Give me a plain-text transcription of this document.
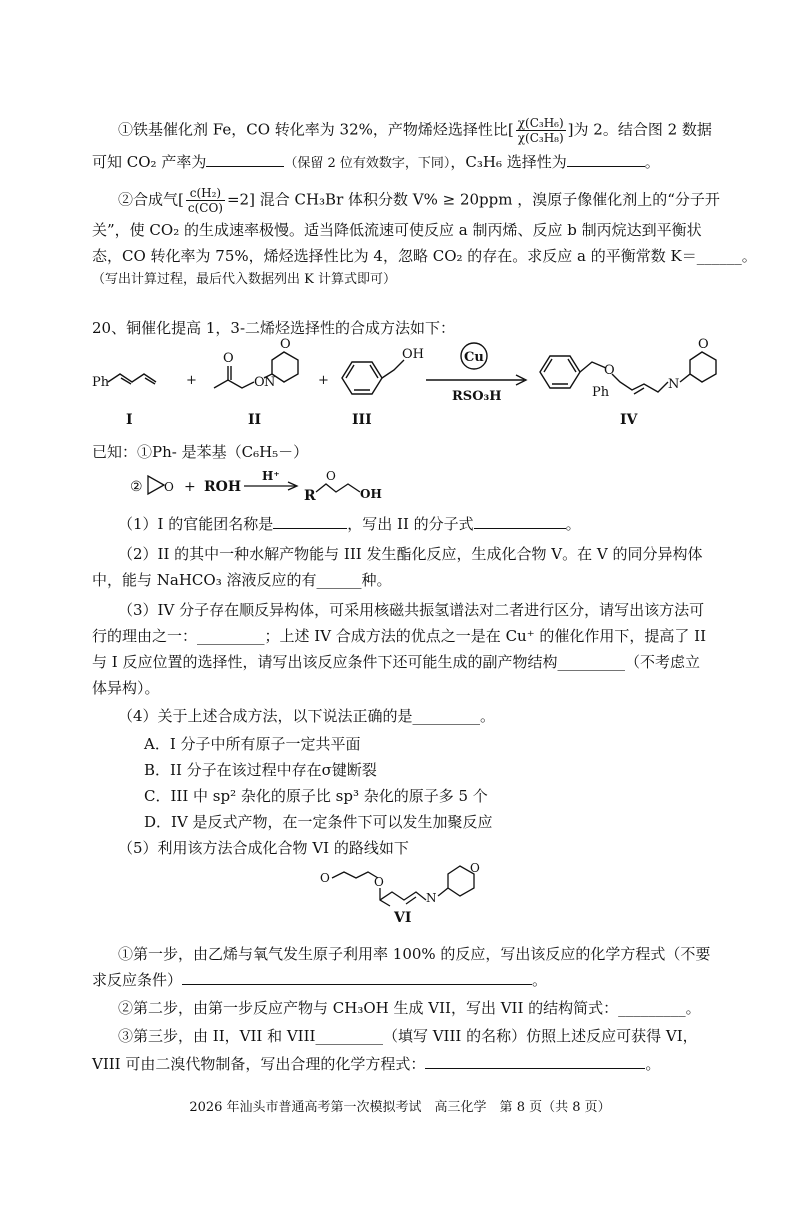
①铁基催化剂 Fe，CO 转化率为 32%，产物烯烃选择性比[ $\frac{\text{χ(C₃H₆)}}{\text{χ(C₃H₈)}}$ ]为 2。结合图 2 数据
可知 CO₂ 产率为	（保留 2 位有效数字，下同），C₃H₆ 选择性为	。
②合成气[ $\frac{\text{c(H₂)}}{c(CO)} =2$] 混合 CH₃Br 体积分数 V% ≥ 20ppm ，溴原子像催化剂上的“分子开
关”，使 CO₂ 的生成速率极慢。适当降低流速可使反应 a 制丙烯、反应 b 制丙烷达到平衡状
态，CO 转化率为 75%，烯烃选择性比为 4，忽略 CO₂ 的存在。求反应 a 的平衡常数 K＝______。
（写出计算过程，最后代入数据列出 K 计算式即可）
20、铜催化提高 1，3-二烯烃选择性的合成方法如下：
Ph	+
O
O N
O
+
OH	Cu
RSO₃H
O
Ph
N
O
I	II	III	IV
已知：①Ph- 是苯基（C₆H₅－）
② O + ROH
H⁺
R
O
OH
（1）I 的官能团名称是	，写出 II 的分子式	。
（2）II 的其中一种水解产物能与 III 发生酯化反应，生成化合物 V。在 V 的同分异构体
中，能与 NaHCO₃ 溶液反应的有______种。
（3）IV 分子存在顺反异构体，可采用核磁共振氢谱法对二者进行区分，请写出该方法可
行的理由之一：_________；上述 IV 合成方法的优点之一是在 Cu⁺ 的催化作用下，提高了 II
与 I 反应位置的选择性，请写出该反应条件下还可能生成的副产物结构_________（不考虑立
体异构）。
（4）关于上述合成方法，以下说法正确的是_________。
A．I 分子中所有原子一定共平面
B．II 分子在该过程中存在σ键断裂
C．III 中 sp² 杂化的原子比 sp³ 杂化的原子多 5 个
D．IV 是反式产物，在一定条件下可以发生加聚反应
（5）利用该方法合成化合物 VI 的路线如下
O	O
N
O
VI
①第一步，由乙烯与氧气发生原子利用率 100% 的反应，写出该反应的化学方程式（不要
求反应条件）	。
②第二步，由第一步反应产物与 CH₃OH 生成 VII，写出 VII 的结构简式：_________。
③第三步，由 II，VII 和 VIII_________（填写 VIII 的名称）仿照上述反应可获得 VI，
VIII 可由二溴代物制备，写出合理的化学方程式：	。
2026 年汕头市普通高考第一次模拟考试　高三化学　第 8 页（共 8 页）
